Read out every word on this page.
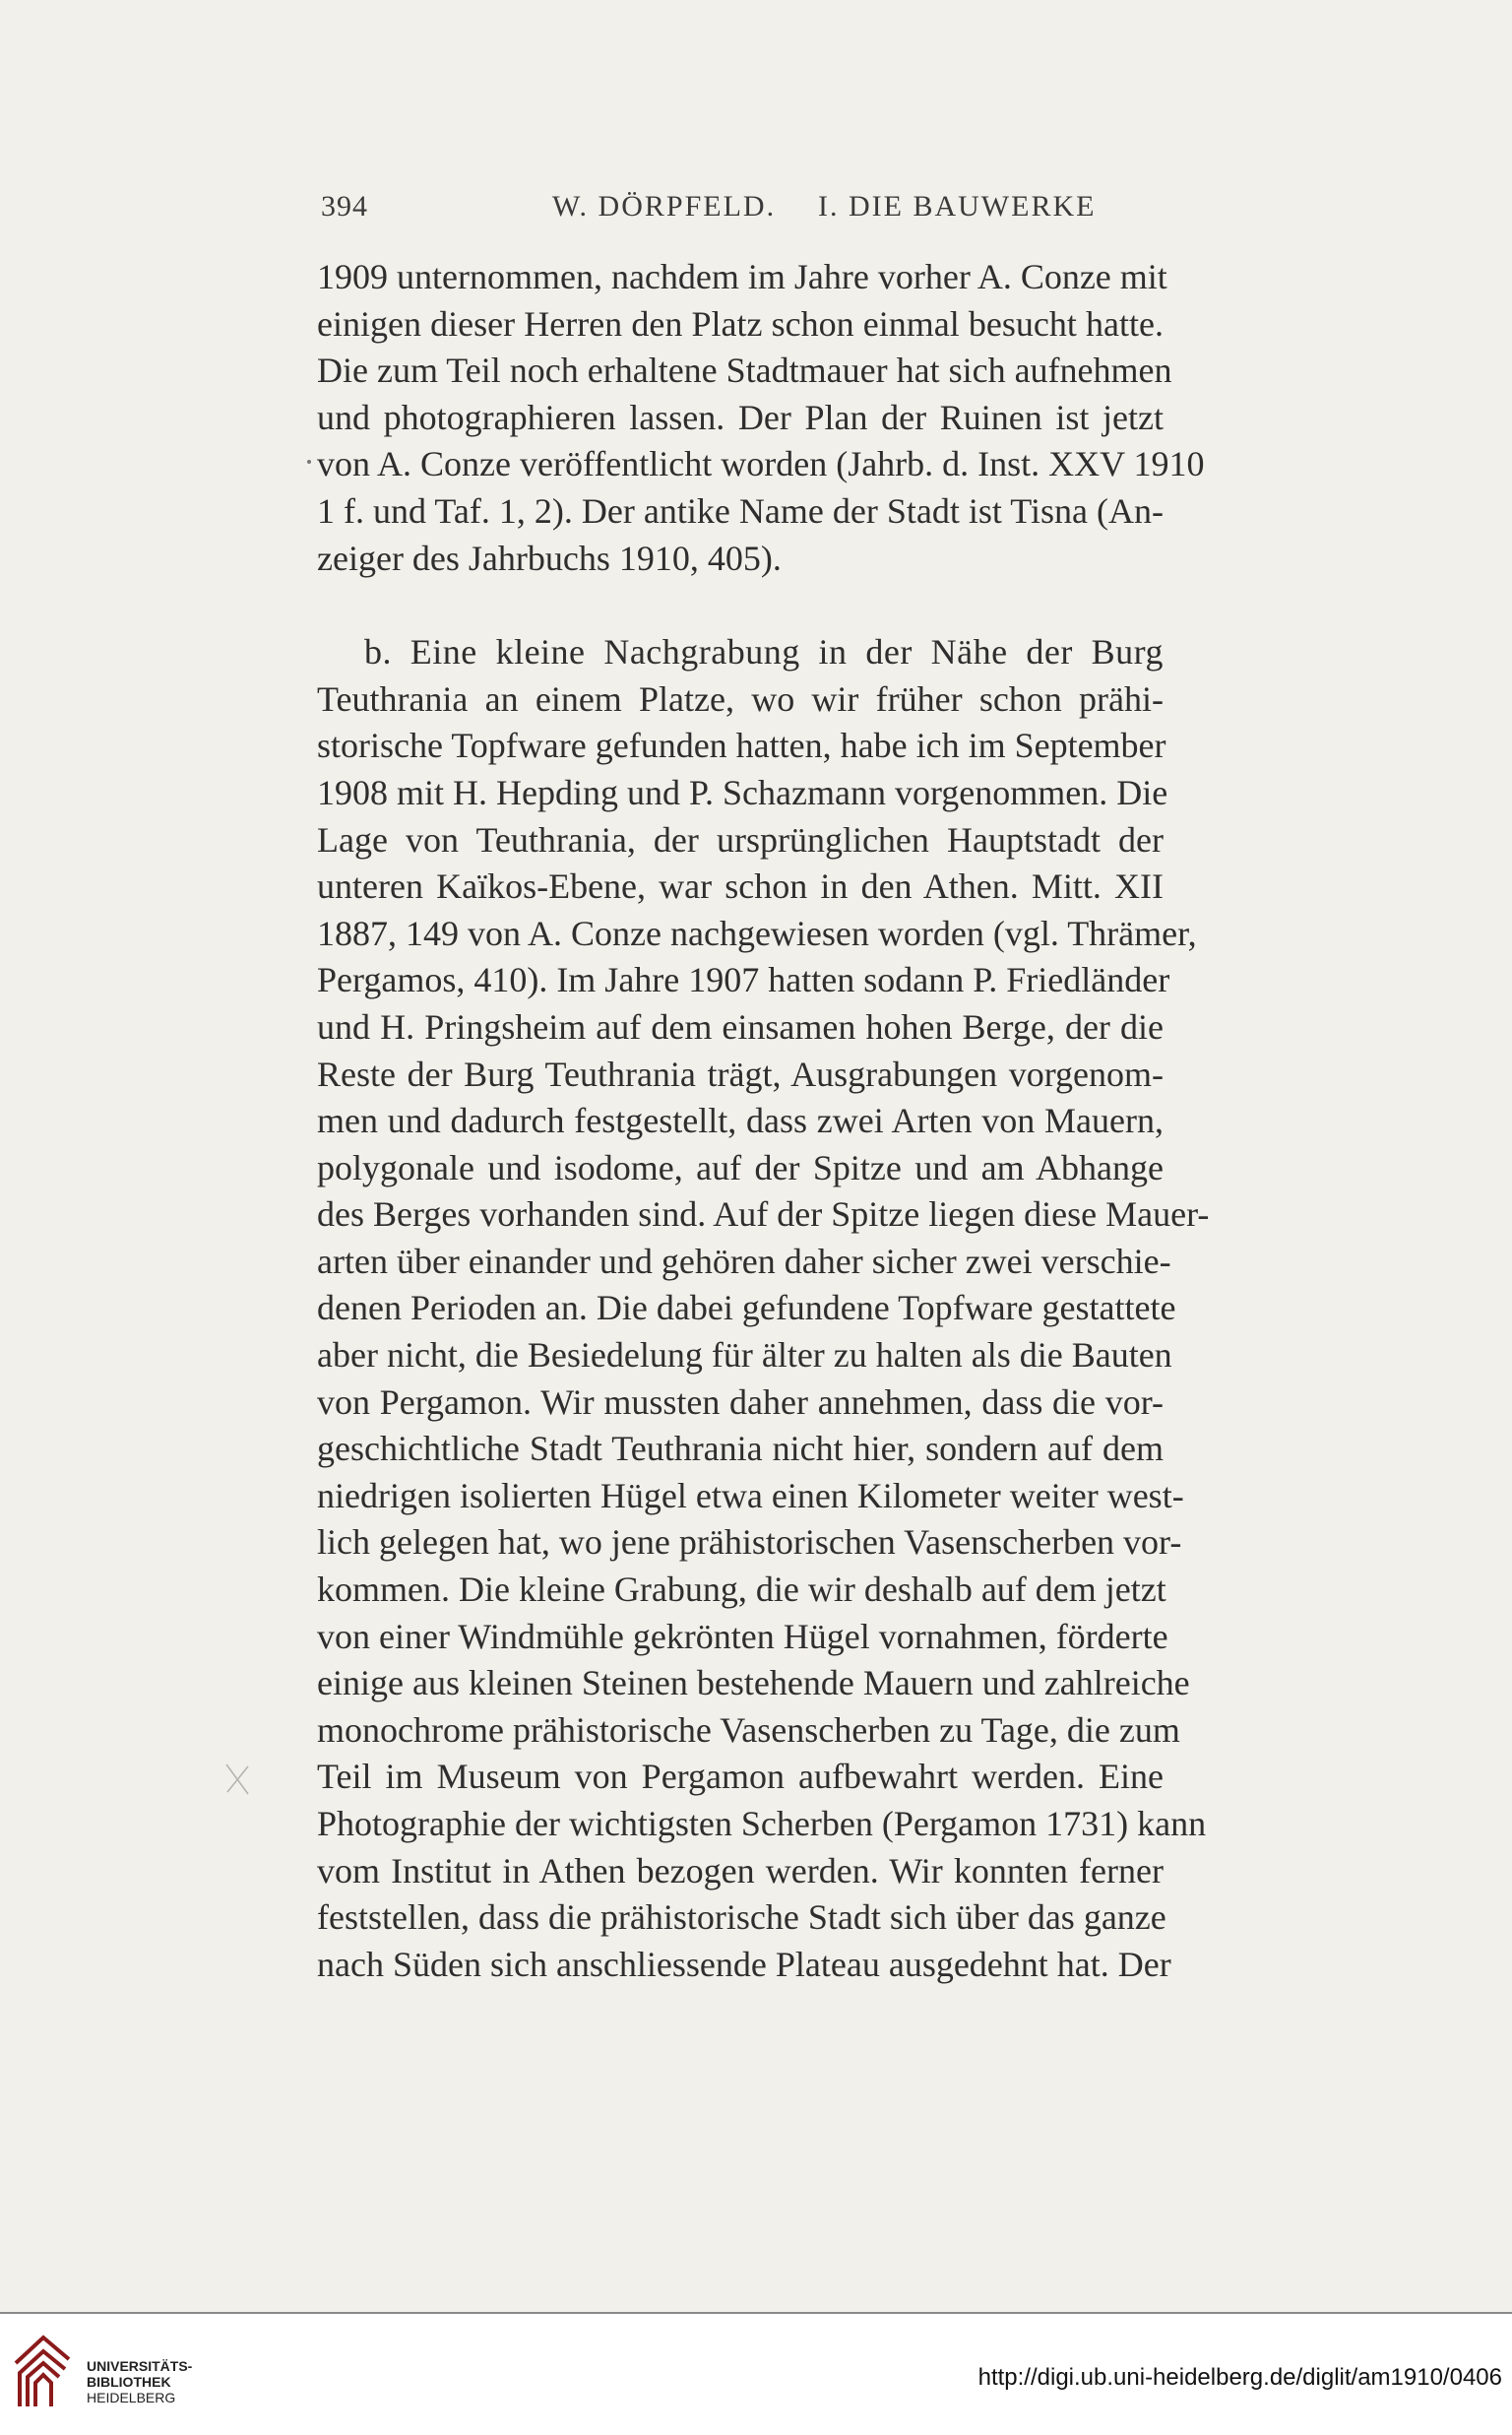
394	W. DÖRPFELD. I. DIE BAUWERKE
1909 unternommen, nachdem im Jahre vorher A. Conze mit
einigen dieser Herren den Platz schon einmal besucht hatte.
Die zum Teil noch erhaltene Stadtmauer hat sich aufnehmen
und photographieren lassen. Der Plan der Ruinen ist jetzt
von A. Conze veröffentlicht worden (Jahrb. d. Inst. XXV 1910
1 f. und Taf. 1, 2). Der antike Name der Stadt ist Tisna (An-
zeiger des Jahrbuchs 1910, 405).
b. Eine kleine Nachgrabung in der Nähe der Burg
Teuthrania an einem Platze, wo wir früher schon prähi-
storische Topfware gefunden hatten, habe ich im September
1908 mit H. Hepding und P. Schazmann vorgenommen. Die
Lage von Teuthrania, der ursprünglichen Hauptstadt der
unteren Kaïkos-Ebene, war schon in den Athen. Mitt. XII
1887, 149 von A. Conze nachgewiesen worden (vgl. Thrämer,
Pergamos, 410). Im Jahre 1907 hatten sodann P. Friedländer
und H. Pringsheim auf dem einsamen hohen Berge, der die
Reste der Burg Teuthrania trägt, Ausgrabungen vorgenom-
men und dadurch festgestellt, dass zwei Arten von Mauern,
polygonale und isodome, auf der Spitze und am Abhange
des Berges vorhanden sind. Auf der Spitze liegen diese Mauer-
arten über einander und gehören daher sicher zwei verschie-
denen Perioden an. Die dabei gefundene Topfware gestattete
aber nicht, die Besiedelung für älter zu halten als die Bauten
von Pergamon. Wir mussten daher annehmen, dass die vor-
geschichtliche Stadt Teuthrania nicht hier, sondern auf dem
niedrigen isolierten Hügel etwa einen Kilometer weiter west-
lich gelegen hat, wo jene prähistorischen Vasenscherben vor-
kommen. Die kleine Grabung, die wir deshalb auf dem jetzt
von einer Windmühle gekrönten Hügel vornahmen, förderte
einige aus kleinen Steinen bestehende Mauern und zahlreiche
monochrome prähistorische Vasenscherben zu Tage, die zum
Teil im Museum von Pergamon aufbewahrt werden. Eine
Photographie der wichtigsten Scherben (Pergamon 1731) kann
vom Institut in Athen bezogen werden. Wir konnten ferner
feststellen, dass die prähistorische Stadt sich über das ganze
nach Süden sich anschliessende Plateau ausgedehnt hat. Der
UNIVERSITÄTS-
BIBLIOTHEK
HEIDELBERG
http://digi.ub.uni-heidelberg.de/diglit/am1910/0406
